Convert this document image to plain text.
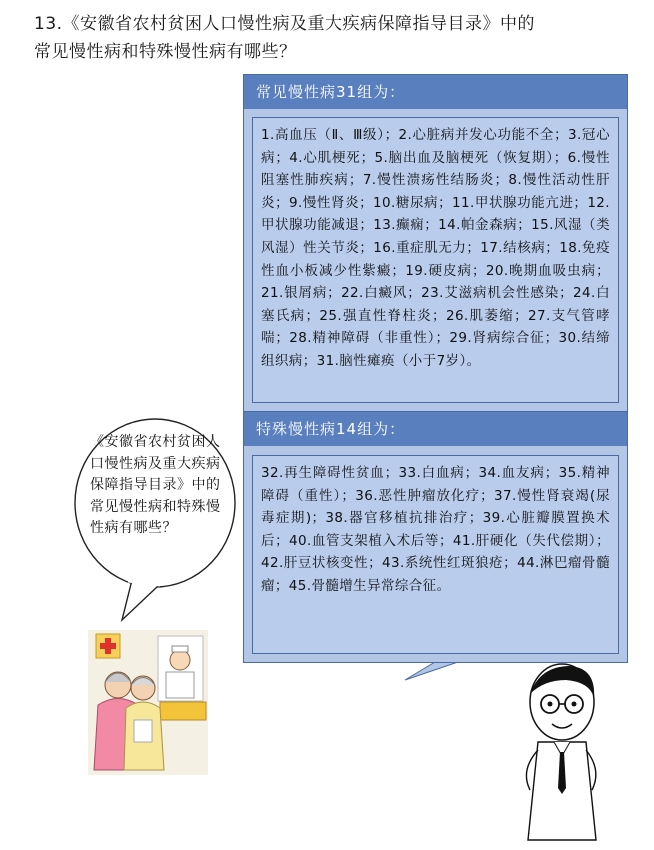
13.《安徽省农村贫困人口慢性病及重大疾病保障指导目录》中的
常见慢性病和特殊慢性病有哪些？
常见慢性病31组为：
1.高血压（Ⅱ、Ⅲ级）；2.心脏病并发心功能不全；3.冠心病；4.心肌梗死；5.脑出血及脑梗死（恢复期）；6.慢性阻塞性肺疾病；7.慢性溃疡性结肠炎；8.慢性活动性肝炎；9.慢性肾炎；10.糖尿病；11.甲状腺功能亢进；12.甲状腺功能减退；13.癫痫；14.帕金森病；15.风湿（类风湿）性关节炎；16.重症肌无力；17.结核病；18.免疫性血小板减少性紫癜；19.硬皮病；20.晚期血吸虫病；21.银屑病；22.白癜风；23.艾滋病机会性感染；24.白塞氏病；25.强直性脊柱炎；26.肌萎缩；27.支气管哮喘；28.精神障碍（非重性）；29.肾病综合征；30.结缔组织病；31.脑性瘫痪（小于7岁）。
特殊慢性病14组为：
32.再生障碍性贫血；33.白血病；34.血友病；35.精神障碍（重性）；36.恶性肿瘤放化疗；37.慢性肾衰竭(尿毒症期)；38.器官移植抗排治疗；39.心脏瓣膜置换术后；40.血管支架植入术后等；41.肝硬化（失代偿期）；42.肝豆状核变性；43.系统性红斑狼疮；44.淋巴瘤骨髓瘤；45.骨髓增生异常综合征。
《安徽省农村贫困人口慢性病及重大疾病保障指导目录》中的常见慢性病和特殊慢性病有哪些？
